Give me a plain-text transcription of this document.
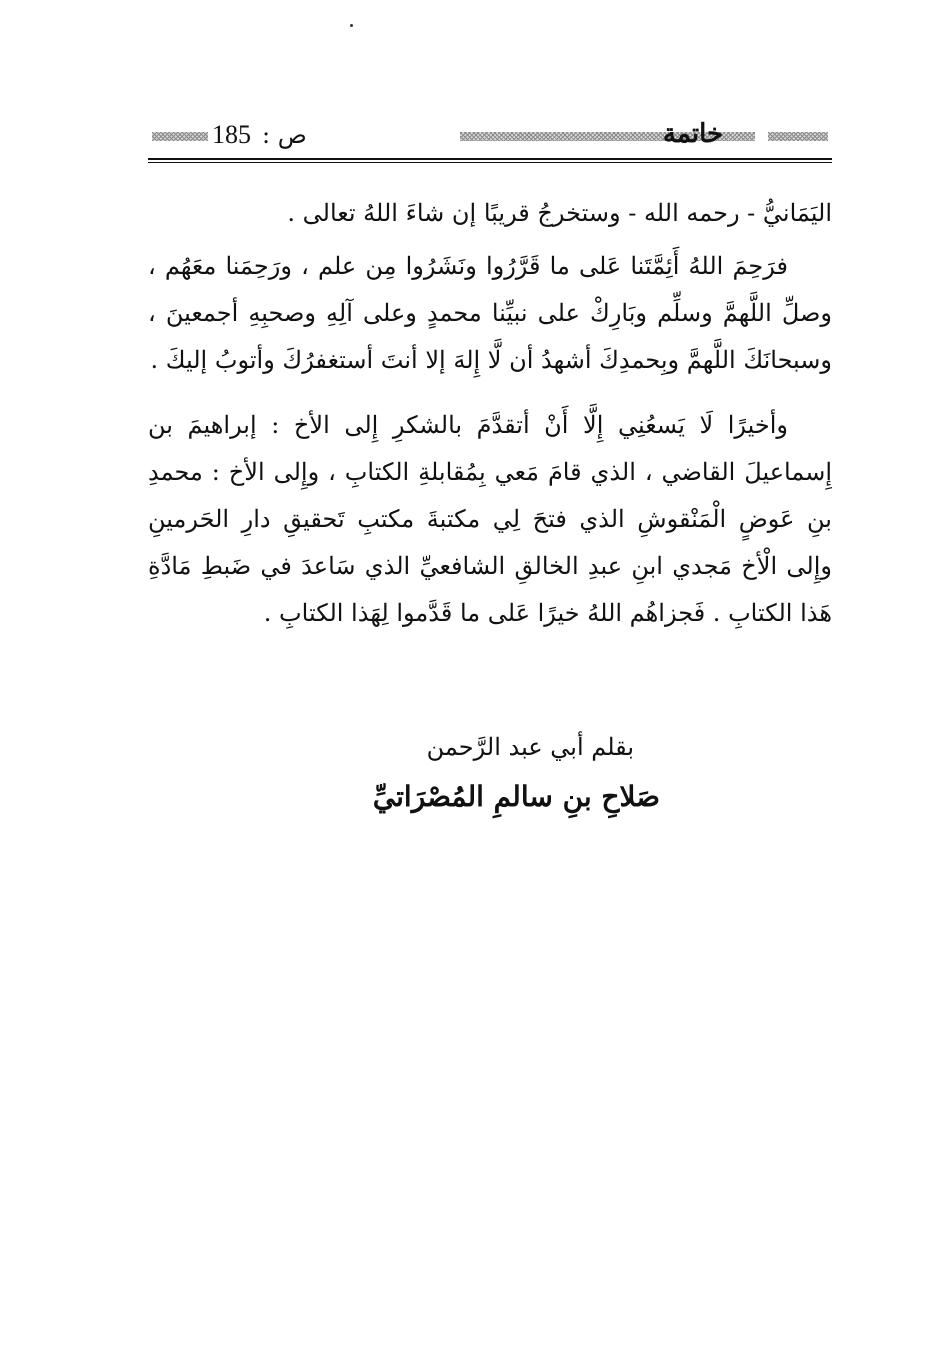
185 ص :	خاتمة

اليَمَانيُّ - رحمه الله - وستخرجُ قريبًا إن شاءَ اللهُ تعالى .

فرَحِمَ اللهُ أَئِمَّتَنا عَلى ما قَرَّرُوا ونَشَرُوا مِن علم ، ورَحِمَنا معَهُم ، وصلِّ اللَّهمَّ وسلِّم وبَارِكْ على نبيِّنا محمدٍ وعلى آلِهِ وصحبِهِ أجمعينَ ، وسبحانَكَ اللَّهمَّ وبِحمدِكَ أشهدُ أن لَّا إِلهَ إلا أنتَ أستغفرُكَ وأتوبُ إليكَ .

وأخيرًا لَا يَسعُنِي إِلَّا أَنْ أتقدَّمَ بالشكرِ إِلى الأخ : إبراهيمَ بن إِسماعيلَ القاضي ، الذي قامَ مَعي بِمُقابلةِ الكتابِ ، وإِلى الأخ : محمدِ بنِ عَوضٍ الْمَنْقوشِ الذي فتحَ لِي مكتبةَ مكتبِ تَحقيقِ دارِ الحَرمينِ وإِلى الْأخ مَجدي ابنِ عبدِ الخالقِ الشافعيِّ الذي سَاعدَ في ضَبطِ مَادَّةِ هَذا الكتابِ . فَجزاهُم اللهُ خيرًا عَلى ما قَدَّموا لِهَذا الكتابِ .

بقلم أبي عبد الرَّحمن
صَلاحِ بنِ سالمِ المُصْرَاتيِّ
